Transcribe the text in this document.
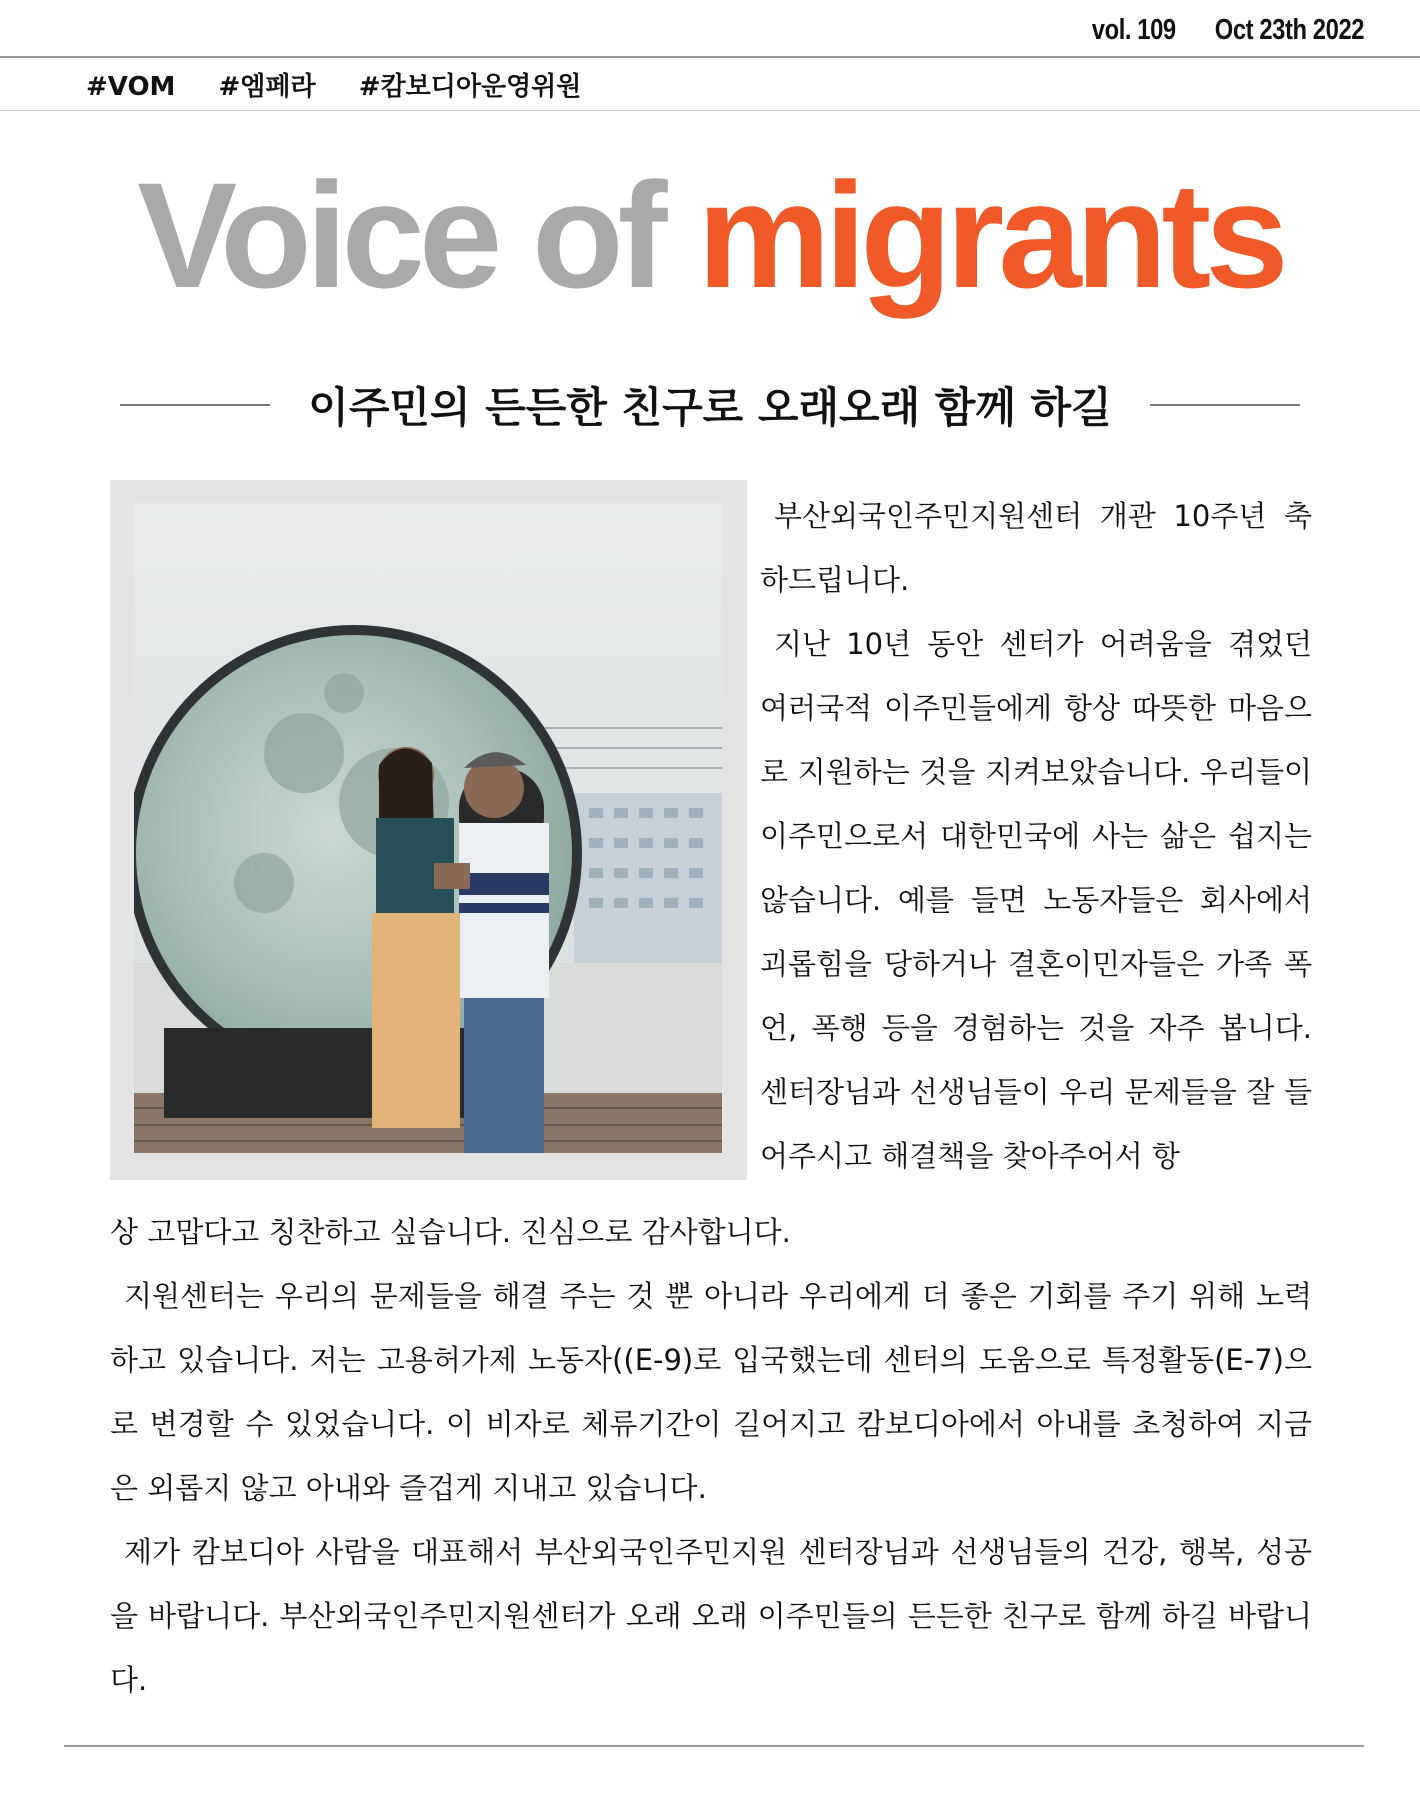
vol. 109 Oct 23th 2022
#VOM #엠페라 #캄보디아운영위원
Voice of migrants
이주민의 든든한 친구로 오래오래 함께 하길

부산외국인주민지원센터 개관 10주년 축하드립니다.

지난 10년 동안 센터가 어려움을 겪었던 여러국적 이주민들에게 항상 따뜻한 마음으로 지원하는 것을 지켜보았습니다. 우리들이 이주민으로서 대한민국에 사는 삶은 쉽지는 않습니다. 예를 들면 노동자들은 회사에서 괴롭힘을 당하거나 결혼이민자들은 가족 폭언, 폭행 등을 경험하는 것을 자주 봅니다. 센터장님과 선생님들이 우리 문제들을 잘 들어주시고 해결책을 찾아주어서 항

상 고맙다고 칭찬하고 싶습니다. 진심으로 감사합니다.

지원센터는 우리의 문제들을 해결 주는 것 뿐 아니라 우리에게 더 좋은 기회를 주기 위해 노력하고 있습니다. 저는 고용허가제 노동자((E-9)로 입국했는데 센터의 도움으로 특정활동(E-7)으로 변경할 수 있었습니다. 이 비자로 체류기간이 길어지고 캄보디아에서 아내를 초청하여 지금은 외롭지 않고 아내와 즐겁게 지내고 있습니다.

제가 캄보디아 사람을 대표해서 부산외국인주민지원 센터장님과 선생님들의 건강, 행복, 성공을 바랍니다. 부산외국인주민지원센터가 오래 오래 이주민들의 든든한 친구로 함께 하길 바랍니다.
